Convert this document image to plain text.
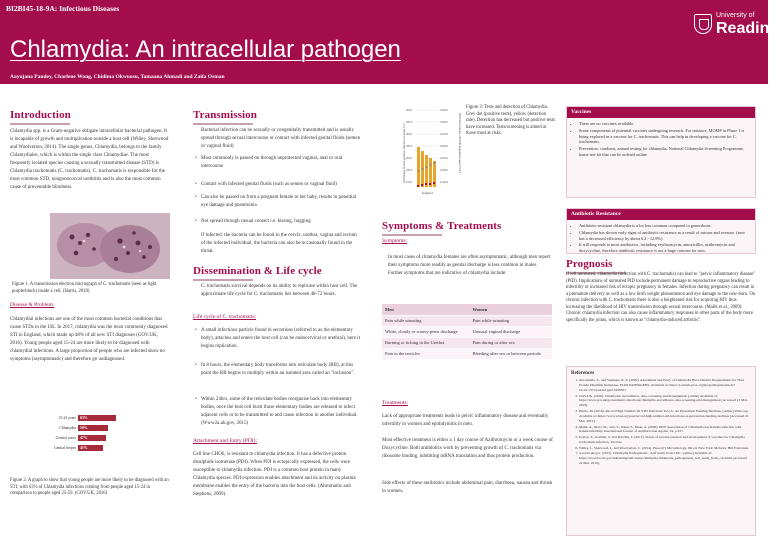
BI2BI45-18-9A: Infectious Diseases
Chlamydia: An intracellular pathogen
Aayujana Pandey, Charlene Wong, Chidima Okwuosu, Tamaana Ahmadi and Zaifa Osman
University of
Reading
Introduction
Chlamydia spp. is a Gram-negative obligate intracellular bacterial pathogen. It is incapable of growth and multiplication outside a host cell (Willey, Sherwood and Woolverton, 2014). The single genus, Chlamydia, belongs to the family Chlamydiales, which is within the single class Chlamydiae. The most frequently isolated species causing a sexually transmitted disease (STD) is Chlamydia trachomatis (C. trachomatis). C. trachomatis is responsible for the most common STD, nongonococcal urethritis and is also the most common cause of preventable blindness.
Figure 1. A transmission electron micrograph of C. trachomatis (seen as light purple/black) inside a cell. (Harris, 2018)
Disease & Problem:
Chlamydial infections are one of the most common bacterial conditions that cause STDs in the UK. In 2017, chlamydia was the most commonly diagnosed STI in England, which made up 48% of all new STI diagnoses (GOV.UK, 2016). Young people aged 15-24 are more likely to be diagnosed with chlamydial infections. A large proportion of people who are infected show no symptoms (asymptomatic) and therefore go undiagnosed.
15-24 years	63%
Chlamydia	50%
Genital warts	47%
Genital herpes	41%
Figure 2. A graph to show that young people are more likely to be diagnosed with an STI, with 63% of Chlamydia infections coming from people aged 15-24 in comparison to people aged 25-59. (GOV.UK, 2016)
Transmission
Bacterial infection can be sexually or congenitally transmitted and is usually spread through sexual intercourse or contact with infected genital fluids (semen or vaginal fluid)
• Most commonly is passed on through unprotected vaginal, anal or oral intercourse
• Contact with infected genital fluids (such as semen or vaginal fluid)
• Can also be passed on from a pregnant female to her baby, results in potential eye damage and pneumonia
• Not spread through casual contact i.e. kissing, hugging
If infected, the bacteria can be found in the cervix, urethra, vagina and rectum of the infected individual, the bacteria can also be occasionally found in the throat.
Dissemination & Life cycle
C. trachomatis survival depends on its ability to replicate within host cell. The approximate life cycle for C. trachomatis lies between 48-72 hours.
Life cycle of C. trachomatis:
• A small infectious particle found in secretions (referred to as the elementary body), attaches and enters the host cell (can be endocervical or urethral), here it begins replication.
• In 8 hours, the elementary body transforms into reticulate body (RB), at this point the RB begins to multiply within an isolated area called an "inclusion".
• Within 24hrs, some of the reticulate bodies reorganise back into elementary bodies, once the host cell burst those elementary bodies are released to infect adjacent cells or to be transmitted to and cause infection in another individual. (Www2a.uk.gov, 2015)
Attachment and Entry (PDI):
Cell line CHO6, is resistant to chlamydia infection. It has a defective protein disulphide isomerase (PDI). When PDI is ectopically expressed, the cells were susceptible to chlamydia infection. PDI is a common host protein in many Chlamydia species. PDI expression enables attachment and its activity on plasma membrane enables the entry of the bacteria into the host cells. (Abromaitis and Stephens, 2009).
Percentage of tests positive and test coverage (%)	Detection rate per 100,000 population aged 15-24
40%
35%
30%
25%
20%
15%
10%
4,000
3,500
3,000
2,500
2,000
1,500
1,000
England
Figure 3: Tests and detection of Chlamydia. Grey dot (positive tests), yellow (detection rate). Detection has decreased but positive tests have increased. Tests/screening is aimed at those most at risks.
Symptoms & Treatments
Symptoms:
In most cases of chlamydia females are often asymptomatic, although men report their symptoms more readily as genital discharge is less common in males. Further symptoms that are indicative of chlamydia include:
Men	Women
Pain while urinating	Pain while urinating
White, cloudy or watery penis discharge	Unusual vaginal discharge
Burning or itching in the Urethra	Pain during or after sex
Pain in the testicles	Bleeding after sex or between periods
Treatments:
Lack of appropriate treatments leads to pelvic inflammatory disease and eventually infertility in women and epididymitis in men.
Most effective treatment is either a 1 day course of Azithromycin or a week course of Doxycycline. Both antibiotics work by preventing growth of C. trachomatis via ribosome binding, inhibiting mRNA translation and thus protein production.
Side effects of these antibiotics include abdominal pain, diarrhoea, nausea and thrush in women.
Vaccines
• There are no vaccines available.
• Some components of potential vaccines undergoing research. For instance, MOMP in Phase 1 is being explored as a vaccine for C. trachomatis. This can help in developing a vaccine for C. trachomatis.
• Prevention: condoms, annual testing for chlamydia. National Chlamydia Screening Programme, home test kit that can be ordered online
Antibiotic Resistance
• Antibiotic-resistant chlamydia is a lot less common compared to gonorrhoea.
• Chlamydia has shown early signs of antibiotic resistance as a result of misuse and overuse. (now has a decreased efficiency by about 6.2 - 12.8%)
• It still responds to most antibiotics, including erythromycin, amoxicillin, azithromycin and doxycycline, therefore antibiotic resistance is not a huge concern for now.
Prognosis
If left untreated, chlamydia (infection with C. trachomatis) can lead to "pelvic inflammatory disease" (PID). Implications of untreated PID include permanent damage to reproductive organs leading to infertility or increased risk of ectopic pregnancy in females. Infection during pregnancy can result in a premature delivery as well as a low birth weight phenomenon and eye damage to the new-born. On chronic infection with C. trachomatis there is also a heightened risk for acquiring HIV thus increasing the likelihood of HIV transmission through sexual intercourse. (Malik et al., 2009). Chronic chlamydia infection can also cause inflammatory responses in other parts of the body more specifically the joints, which is known as "chlamydia-induced arthritis".
References
1. Abromaitis, S., and Stephens, R. S. (2009). Attachment and Entry of Chlamydia Have Distinct Requirements for Host Protein Disulfide Isomerase. PLOS PATHOGENS. Available at: https://journals.plos.org/plospathogens/article?id=10.1371/journal.ppat.1000357
2. GOV.UK. (2016). Chlamydia: surveillance, data, screening and management. [online] Available at: https://www.gov.uk/government/collections/chlamydia-surveillance-data-screening-and-management [Accessed 21 Mar. 2019].
3. Harris, M. (2018). Record High Number Of STD Infections In U.S.. As Prevention Funding Declines. [online] Wbur.org. Available at: https://www.wbur.org/post/record-high-number-std-infections-as-prevention-funding-declines [Accessed 21 Mar. 2019].
4. Malik, A., Rizvi, M., Jain, S., Khan, F., Khan, A. (2009). PID? Association of Chlamydia trachomatis infection with female infertility. International Journal of Antimicrobial Agents, 34, p.S57.
5. Poston, T., Gottlieb, S. and Darville, T. (2017). Status of vaccine research and development of vaccines for Chlamydia trachomatis infection. Vaccine.
6. Willey, J., Sherwood, L. and Woolverton, C. (2014). Prescott's Microbiology. 9th ed. New York: McGraw Hill Education.
7. www2a.uk.gov. (2015). Chlamydia Pathogenesis - Self Study from CDC. [online] Available at: https://www2a.cdc.gov/stdtraining/self-study/chlamydia/chlamydia_pathogenesis_self_study_from_cdc.html [Accessed 22 Mar. 2019].
